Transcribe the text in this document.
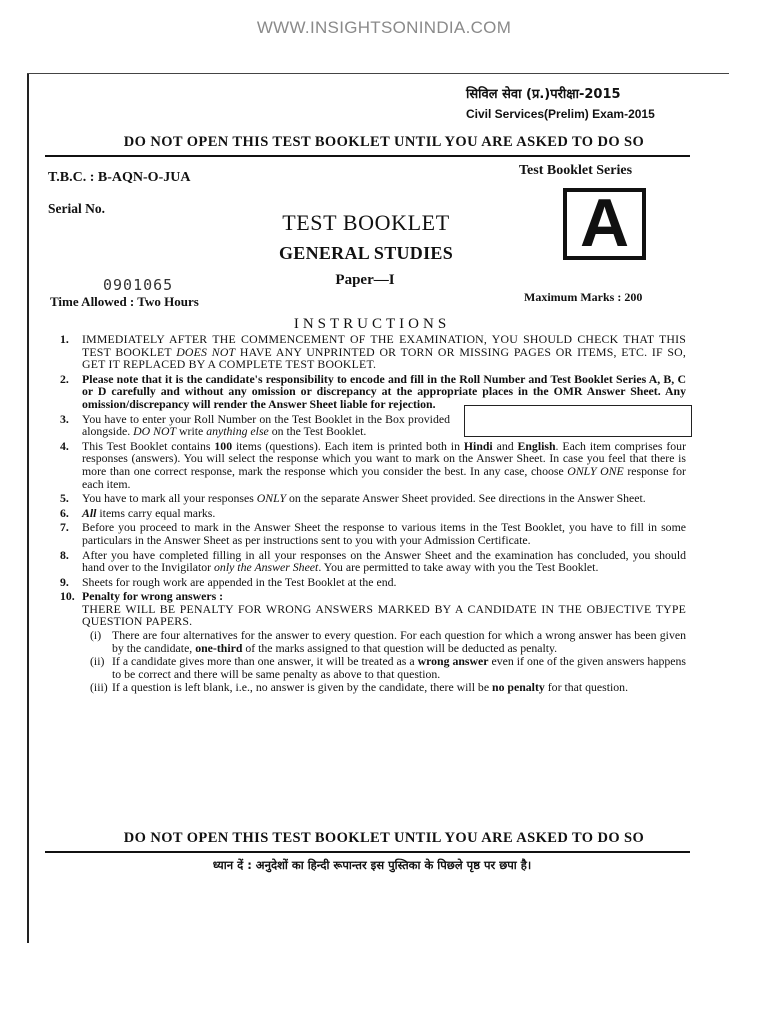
WWW.INSIGHTSONINDIA.COM
सिविल सेवा (प्र.)परीक्षा-2015
Civil Services(Prelim) Exam-2015
DO NOT OPEN THIS TEST BOOKLET UNTIL YOU ARE ASKED TO DO SO
T.B.C. : B-AQN-O-JUA	Test Booklet Series
A
Serial No.
TEST BOOKLET
GENERAL STUDIES
Paper—I
0901065
Time Allowed : Two Hours	Maximum Marks : 200
INSTRUCTIONS
1.	IMMEDIATELY AFTER THE COMMENCEMENT OF THE EXAMINATION, YOU SHOULD CHECK THAT THIS TEST BOOKLET DOES NOT HAVE ANY UNPRINTED OR TORN OR MISSING PAGES OR ITEMS, ETC. IF SO, GET IT REPLACED BY A COMPLETE TEST BOOKLET.
2.	Please note that it is the candidate's responsibility to encode and fill in the Roll Number and Test Booklet Series A, B, C or D carefully and without any omission or discrepancy at the appropriate places in the OMR Answer Sheet. Any omission/discrepancy will render the Answer Sheet liable for rejection.
3.	You have to enter your Roll Number on the Test Booklet in the Box provided alongside. DO NOT write anything else on the Test Booklet.
4.	This Test Booklet contains 100 items (questions). Each item is printed both in Hindi and English. Each item comprises four responses (answers). You will select the response which you want to mark on the Answer Sheet. In case you feel that there is more than one correct response, mark the response which you consider the best. In any case, choose ONLY ONE response for each item.
5.	You have to mark all your responses ONLY on the separate Answer Sheet provided. See directions in the Answer Sheet.
6.	All items carry equal marks.
7.	Before you proceed to mark in the Answer Sheet the response to various items in the Test Booklet, you have to fill in some particulars in the Answer Sheet as per instructions sent to you with your Admission Certificate.
8.	After you have completed filling in all your responses on the Answer Sheet and the examination has concluded, you should hand over to the Invigilator only the Answer Sheet. You are permitted to take away with you the Test Booklet.
9.	Sheets for rough work are appended in the Test Booklet at the end.
10. Penalty for wrong answers :
THERE WILL BE PENALTY FOR WRONG ANSWERS MARKED BY A CANDIDATE IN THE OBJECTIVE TYPE QUESTION PAPERS.
(i) There are four alternatives for the answer to every question. For each question for which a wrong answer has been given by the candidate, one-third of the marks assigned to that question will be deducted as penalty.
(ii) If a candidate gives more than one answer, it will be treated as a wrong answer even if one of the given answers happens to be correct and there will be same penalty as above to that question.
(iii) If a question is left blank, i.e., no answer is given by the candidate, there will be no penalty for that question.
DO NOT OPEN THIS TEST BOOKLET UNTIL YOU ARE ASKED TO DO SO
ध्यान दें : अनुदेशों का हिन्दी रूपान्तर इस पुस्तिका के पिछले पृष्ठ पर छपा है।
